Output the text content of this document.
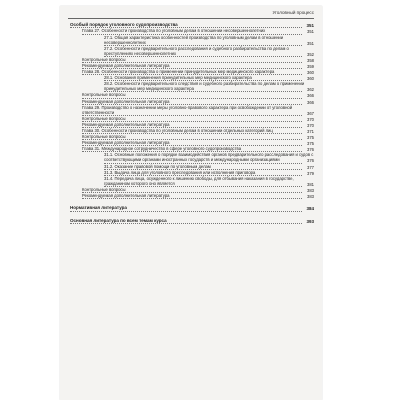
Уголовный процесс
Особый порядок уголовного судопроизводства	351
Глава 27. Особенности производства по уголовным делам в отношении несовершеннолетних	351
27.1. Общая характеристика особенностей производства по уголовным делам в отношении несовершеннолетних	351
27.2. Особенности предварительного расследования и судебного разбирательства по делам о преступлениях несовершеннолетних	352
Контрольные вопросы	358
Рекомендуемая дополнительная литература	359
Глава 28. Особенности производства о применении принудительных мер медицинского характера	360
28.1. Основания применения принудительных мер медицинского характера	360
28.2. Особенности предварительного следствия и судебного разбирательства по делам о применении принудительных мер медицинского характера	362
Контрольные вопросы	366
Рекомендуемая дополнительная литература	366
Глава 29. Производство о назначении меры уголовно-правового характера при освобождении от уголовной ответственности	367
Контрольные вопросы	370
Рекомендуемая дополнительная литература	370
Глава 30. Особенности производства по уголовным делам в отношении отдельных категорий лиц	371
Контрольные вопросы	375
Рекомендуемая дополнительная литература	375
Глава 31. Международное сотрудничество в сфере уголовного судопроизводства	376
31.1. Основные положения о порядке взаимодействия органов предварительного расследования и судов с соответствующими органами иностранных государств и международными организациями	376
31.2. Оказание правовой помощи по уголовным делам	377
31.3. Выдача лица для уголовного преследования или исполнения приговора	379
31.4. Передача лица, осужденного к лишению свободы, для отбывания наказания в государстве, гражданином которого оно является	381
Контрольные вопросы	383
Рекомендуемая дополнительная литература	383
Нормативная литература	384
Основная литература по всем темам курса	393
